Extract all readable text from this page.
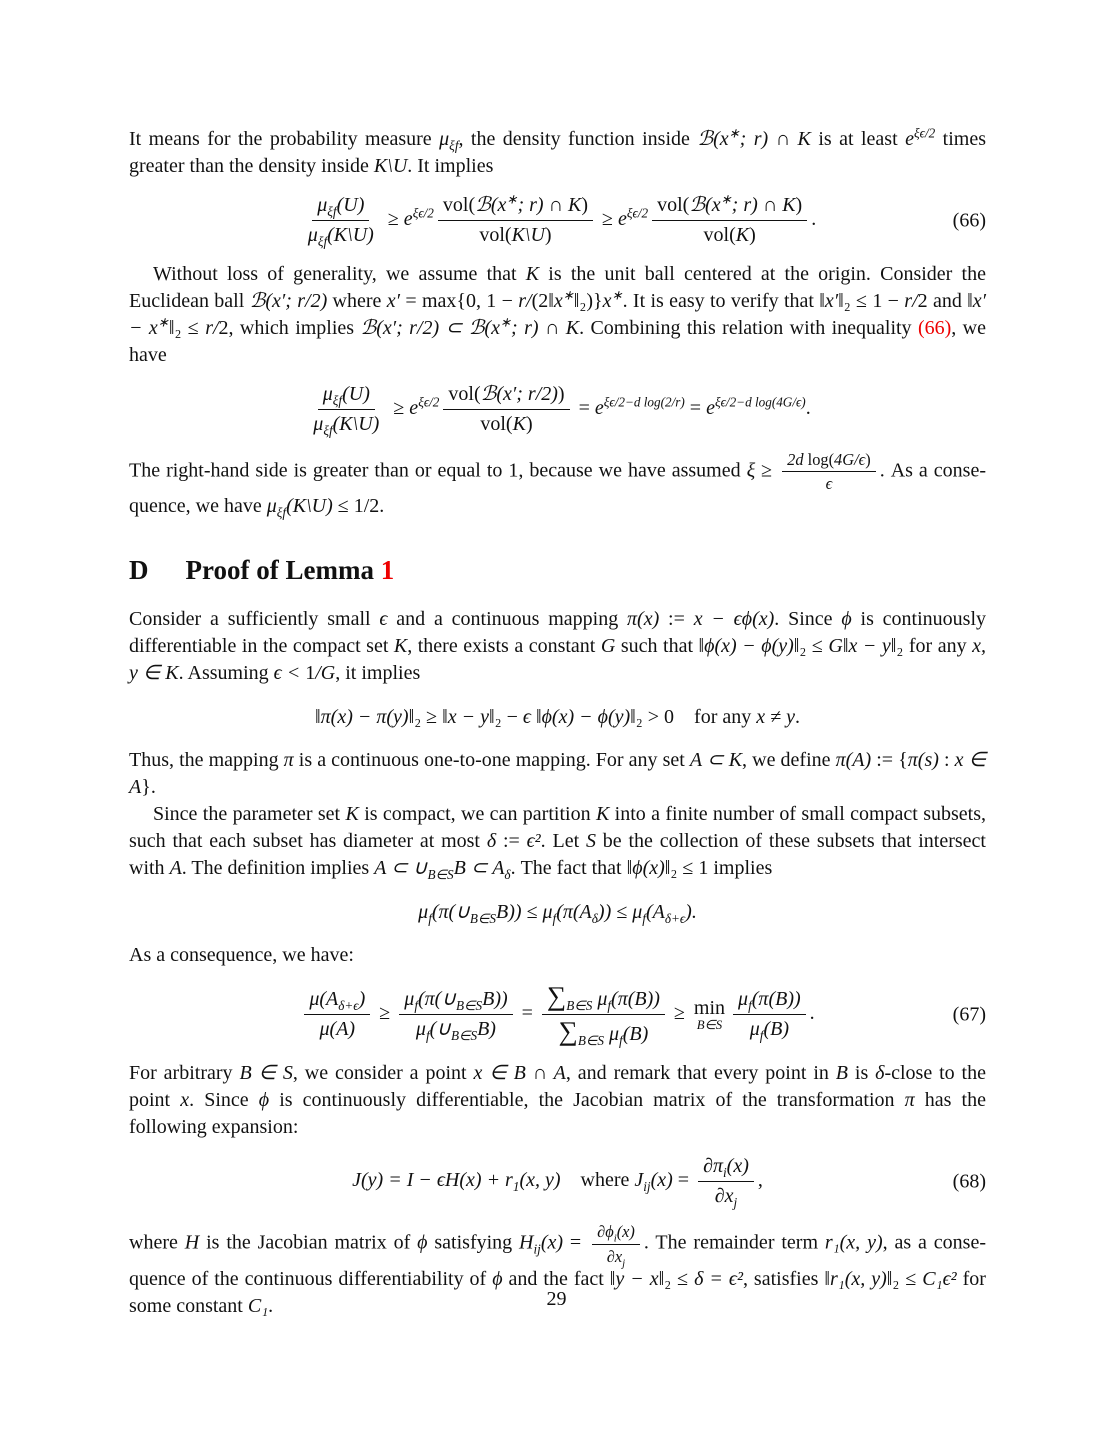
It means for the probability measure $\mu_{\xi f}$, the density function inside ℬ(x∗; r) ∩ K is at least $e^{\xi\epsilon/2}$ times greater than the density inside K\U. It implies

$\frac{\mu_{\xi f}(U)}{\mu_{\xi f}(K\backslash U)} \ge e^{\xi\epsilon/2} \frac{vol(ℬ(x^∗; r) \cap K)}{\text{vol(K\textbackslash{}U)}} \ge e^{\xi\epsilon/2} \frac{vol(ℬ(x^∗; r) \cap K)}{\text{vol(K)}}$ .	(66)

Without loss of generality, we assume that K is the unit ball centered at the origin. Consider the Euclidean ball ℬ(x′; r/2) where x′ = max{0, 1 − r/(2‖x∗‖₂)}x∗. It is easy to verify that ‖x′‖₂ ≤ 1 − r/2 and ‖x′ − x∗‖₂ ≤ r/2, which implies ℬ(x′; r/2) ⊂ ℬ(x∗; r) ∩ K. Combining this relation with inequality (66), we have

$\frac{\mu_{\xi f}(U)}{\mu_{\xi f}(K\backslash U)} \ge e^{\xi\epsilon/2} \frac{\text{vol(ℬ(x′; r/2))}}{\text{vol(K)}} = e^{\xi\epsilon/2-d log(2/r)} = e^{\xi\epsilon/2-d log(4G/\epsilon)}$.

The right-hand side is greater than or equal to 1, because we have assumed $\xi \ge \frac{\text{2d log(4G/ϵ)}}{\epsilon}$ . As a consequence, we have $\mu_{\xi f}(K\backslash U) \le 1/2$.

D Proof of Lemma 1

Consider a sufficiently small ϵ and a continuous mapping π(x) := x − ϵϕ(x). Since ϕ is continuously differentiable in the compact set K, there exists a constant G such that ‖ϕ(x) − ϕ(y)‖₂ ≤ G‖x − y‖₂ for any x, y ∈ K. Assuming ϵ < 1/G, it implies

‖π(x) − π(y)‖₂ ≥ ‖x − y‖₂ − ϵ ‖ϕ(x) − ϕ(y)‖₂ > 0 for any x ≠ y.

Thus, the mapping π is a continuous one-to-one mapping. For any set A ⊂ K, we define π(A) := {π(s) : x ∈ A}.

Since the parameter set K is compact, we can partition K into a finite number of small compact subsets, such that each subset has diameter at most δ := ϵ². Let S be the collection of these subsets that intersect with A. The definition implies A ⊂ $\cup_{B\in S}B$ ⊂ $A_\delta$. The fact that ‖ϕ(x)‖₂ ≤ 1 implies

$\mu_f(\pi(\cup_{B\in S}B)) \le \mu_f(\pi(A_\delta)) \le \mu_f(A_{\delta+\epsilon})$.

As a consequence, we have:

$\frac{\mu(A_{\delta+\epsilon})}{\mu(A)} \ge \frac{\mu_f(\pi(\cup_{B\in S}B))}{\mu_f(\cup_{B\in S}B)} = \frac{\sum_{B\in S} \mu_f(\pi(B))}{\sum_{B\in S} \mu_f(B)} \ge \min$
B∈S $\frac{\mu_f(\pi(B))}{\mu_f(B)}$ .	(67)

For arbitrary B ∈ S, we consider a point x ∈ B ∩ A, and remark that every point in B is δ-close to the point x. Since ϕ is continuously differentiable, the Jacobian matrix of the transformation π has the following expansion:

$J(y) = I - \epsilon H(x) + r_1(x$, y) where $J_{ij}(x) = \frac{\partial\pi_i(x)}{\partial x_j}$ ,	(68)

where H is the Jacobian matrix of ϕ satisfying $H_{ij}(x) = \frac{\partial\phi_i(x)}{\partial x_j}$ . The remainder term r₁(x, y), as a consequence of the continuous differentiability of ϕ and the fact ‖y − x‖₂ ≤ δ = ϵ², satisfies ‖r₁(x, y)‖₂ ≤ C₁ϵ² for some constant C₁.	29
